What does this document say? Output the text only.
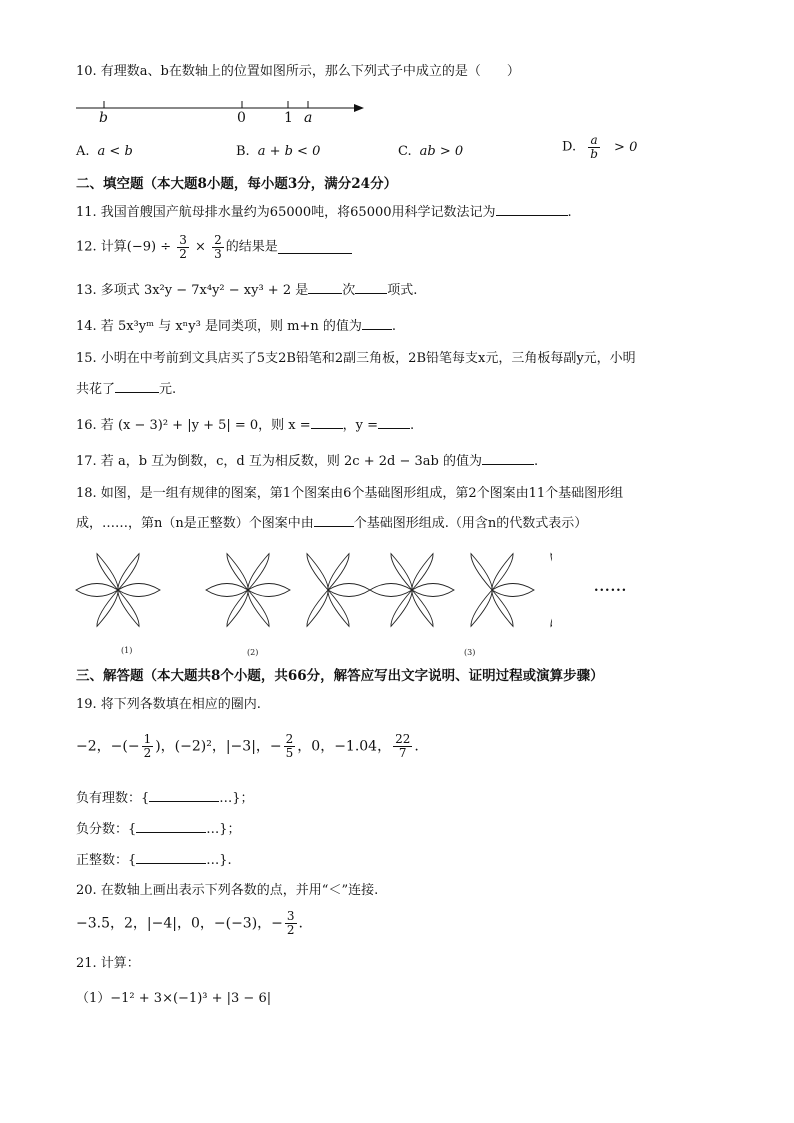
10. 有理数a、b在数轴上的位置如图所示，那么下列式子中成立的是（　　）
b	0	1 a
A. a < b	B. a + b < 0	C. ab > 0	D. $\frac{a}{b} > 0$
二、填空题（本大题8小题，每小题3分，满分24分）
11. 我国首艘国产航母排水量约为65000吨，将65000用科学记数法记为	.
12. 计算$(-9) \div \frac{3}{2} \times \frac{2}{3}$ 的结果是
13. 多项式 3x²y − 7x⁴y² − xy³ + 2 是	次 项式.
14. 若 5x³yᵐ 与 xⁿy³ 是同类项，则 m+n 的值为 .
15. 小明在中考前到文具店买了5支2B铅笔和2副三角板，2B铅笔每支x元，三角板每副y元，小明
共花了	元.
16. 若 (x − 3)² + |y + 5| = 0，则 x = ，y = .
17. 若 a，b 互为倒数，c，d 互为相反数，则 2c + 2d − 3ab 的值为	.
18. 如图，是一组有规律的图案，第1个图案由6个基础图形组成，第2个图案由11个基础图形组
成，……，第n（n是正整数）个图案中由	个基础图形组成.（用含n的代数式表示）
(1)	(2)	(3)
......
三、解答题（本大题共8个小题，共66分，解答应写出文字说明、证明过程或演算步骤）
19. 将下列各数填在相应的圈内.
−2，−(− $\frac{1}{2}$ )，(−2)²，|−3|，− $\frac{2}{5}$ ，0，−1.04， $\frac{22}{7}$ .
负有理数：{	…}；
负分数：{	…}；
正整数：{	…}.
20. 在数轴上画出表示下列各数的点，并用“＜”连接.
−3.5，2，|−4|，0，−(−3)，− $\frac{3}{2}$ .
21. 计算：
（1）−1² + 3×(−1)³ + |3 − 6|
